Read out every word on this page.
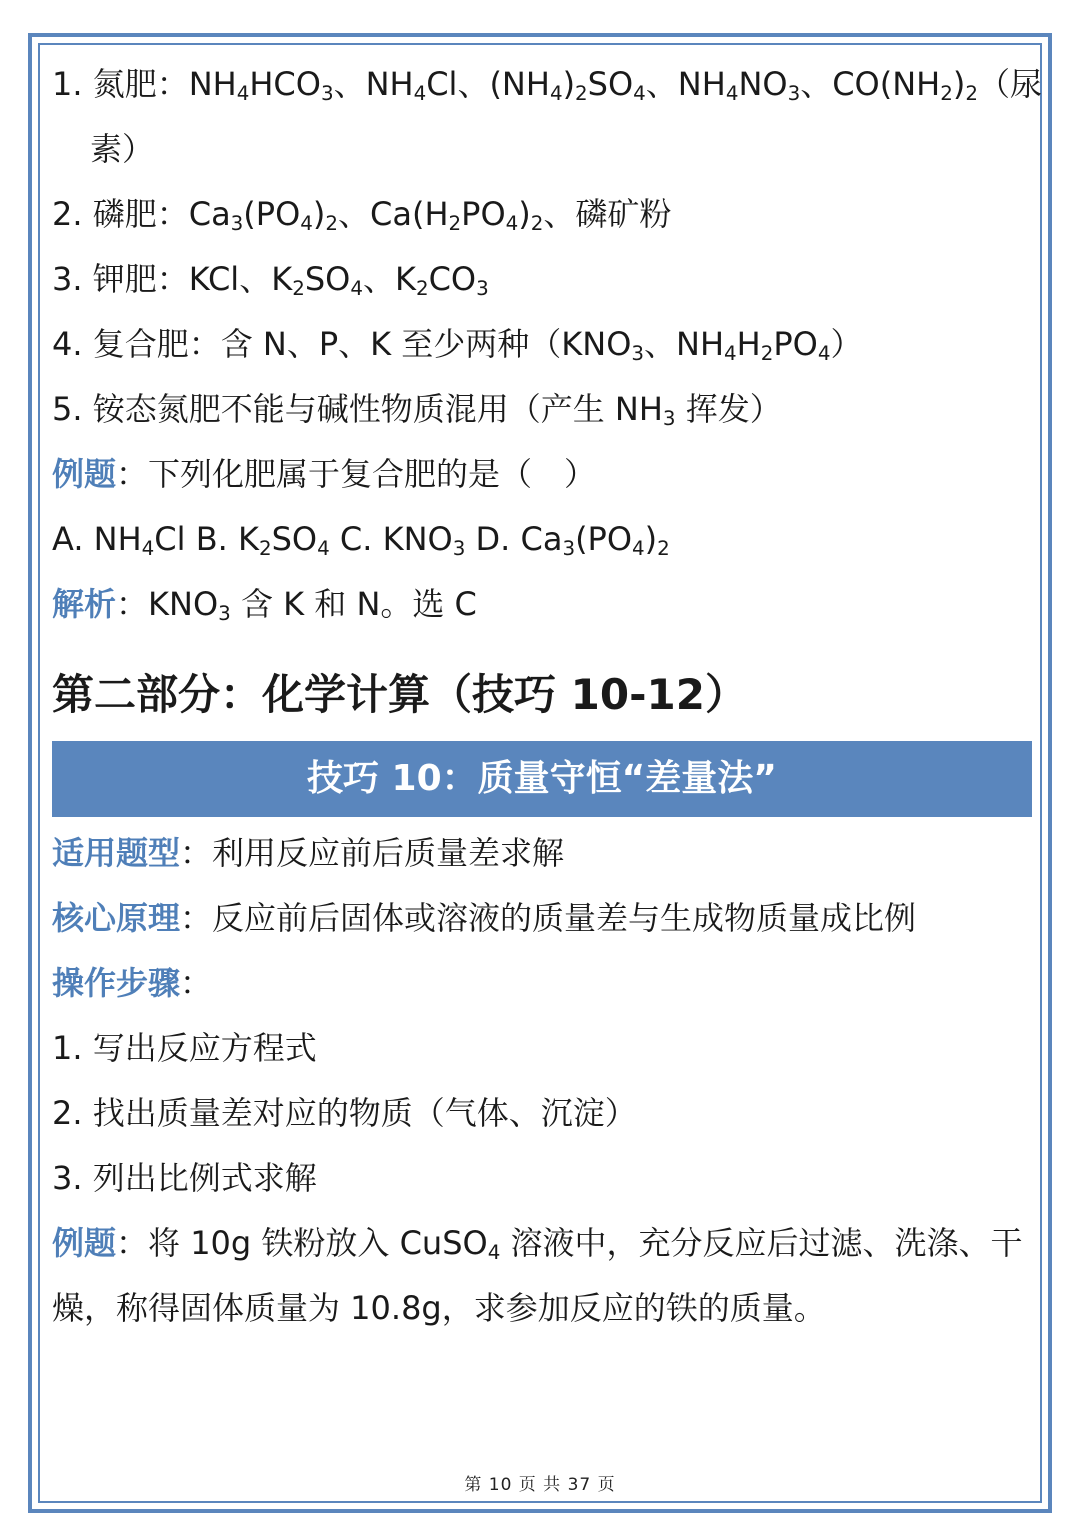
1. 氮肥：$NH_4HCO_3$、$NH_4Cl$、$(NH_4)_2SO_4$、$NH_4NO_3$、$CO(NH_2)_2$（尿
素）
2. 磷肥：$Ca_3(PO_4)_2$、$Ca(H_2PO_4)_2$、磷矿粉
3. 钾肥：KCl、$K_2SO_4$、$K_2CO_3$
4. 复合肥：含 N、P、K 至少两种（$KNO_3$、$NH_4H_2PO_4$）
5. 铵态氮肥不能与碱性物质混用（产生 $NH_3$ 挥发）
例题：下列化肥属于复合肥的是（　）
A. $NH_4Cl$ B. $K_2SO_4$ C. $KNO_3$ D. $Ca_3(PO_4)_2$
解析：$KNO_3$ 含 K 和 N。选 C
第二部分：化学计算（技巧 10-12）
技巧 10：质量守恒“差量法”
适用题型：利用反应前后质量差求解
核心原理：反应前后固体或溶液的质量差与生成物质量成比例
操作步骤：
1. 写出反应方程式
2. 找出质量差对应的物质（气体、沉淀）
3. 列出比例式求解
例题：将 10g 铁粉放入 CuSO$_4$ 溶液中，充分反应后过滤、洗涤、干
燥，称得固体质量为 10.8g，求参加反应的铁的质量。
第 10 页 共 37 页
